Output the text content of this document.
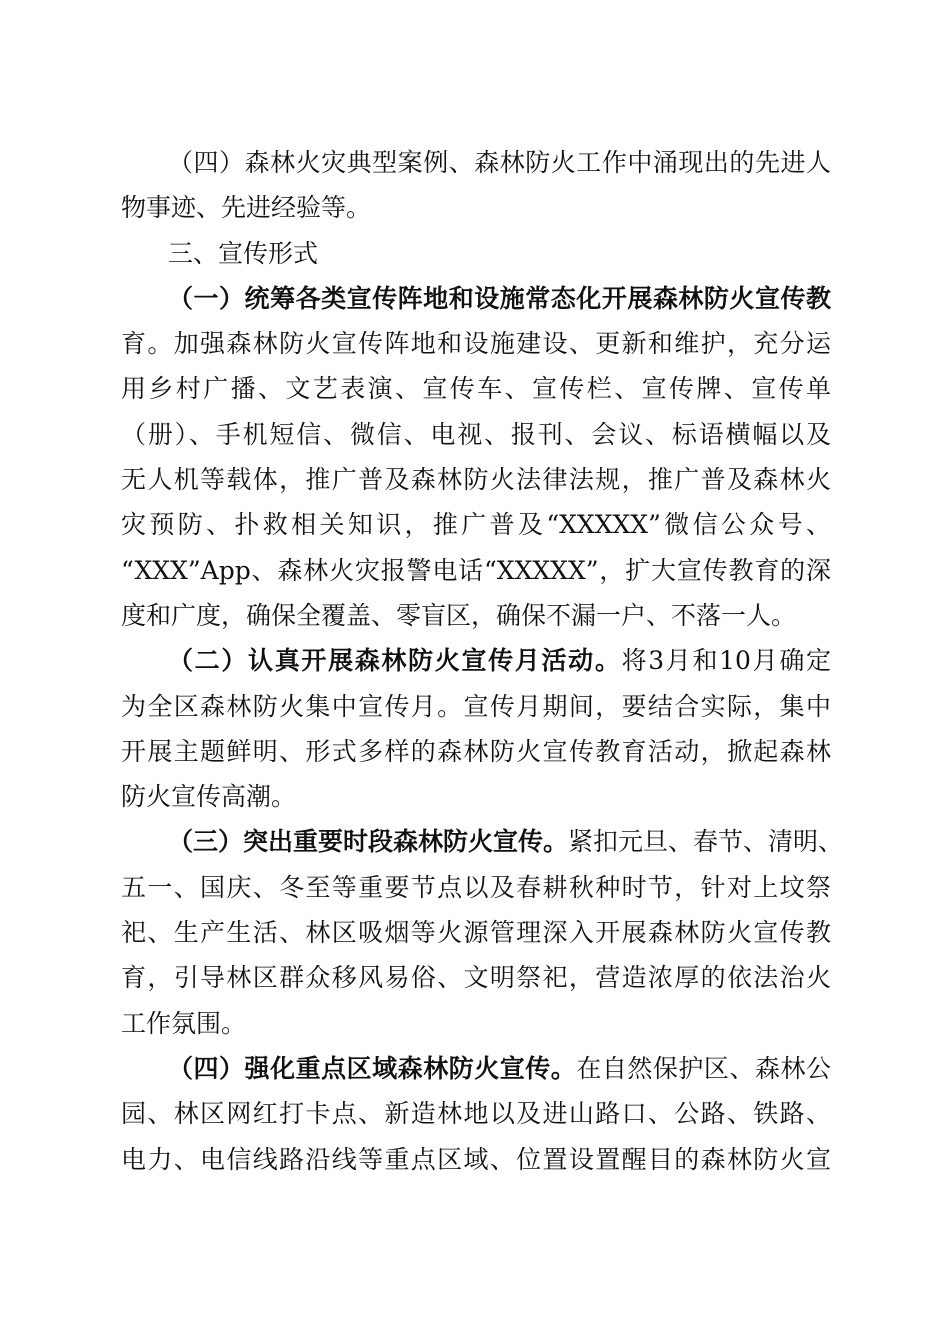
（四）森林火灾典型案例、森林防火工作中涌现出的先进人
物事迹、先进经验等。
三、宣传形式
（一）统筹各类宣传阵地和设施常态化开展森林防火宣传教
育。加强森林防火宣传阵地和设施建设、更新和维护，充分运
用乡村广播、文艺表演、宣传车、宣传栏、宣传牌、宣传单
（册）、手机短信、微信、电视、报刊、会议、标语横幅以及
无人机等载体，推广普及森林防火法律法规，推广普及森林火
灾预防、扑救相关知识，推广普及“XXXXX”微信公众号、
“XXX”App、森林火灾报警电话“XXXXX”，扩大宣传教育的深
度和广度，确保全覆盖、零盲区，确保不漏一户、不落一人。
（二）认真开展森林防火宣传月活动。将3月和10月确定
为全区森林防火集中宣传月。宣传月期间，要结合实际，集中
开展主题鲜明、形式多样的森林防火宣传教育活动，掀起森林
防火宣传高潮。
（三）突出重要时段森林防火宣传。紧扣元旦、春节、清明、
五一、国庆、冬至等重要节点以及春耕秋种时节，针对上坟祭
祀、生产生活、林区吸烟等火源管理深入开展森林防火宣传教
育，引导林区群众移风易俗、文明祭祀，营造浓厚的依法治火
工作氛围。
（四）强化重点区域森林防火宣传。在自然保护区、森林公
园、林区网红打卡点、新造林地以及进山路口、公路、铁路、
电力、电信线路沿线等重点区域、位置设置醒目的森林防火宣
